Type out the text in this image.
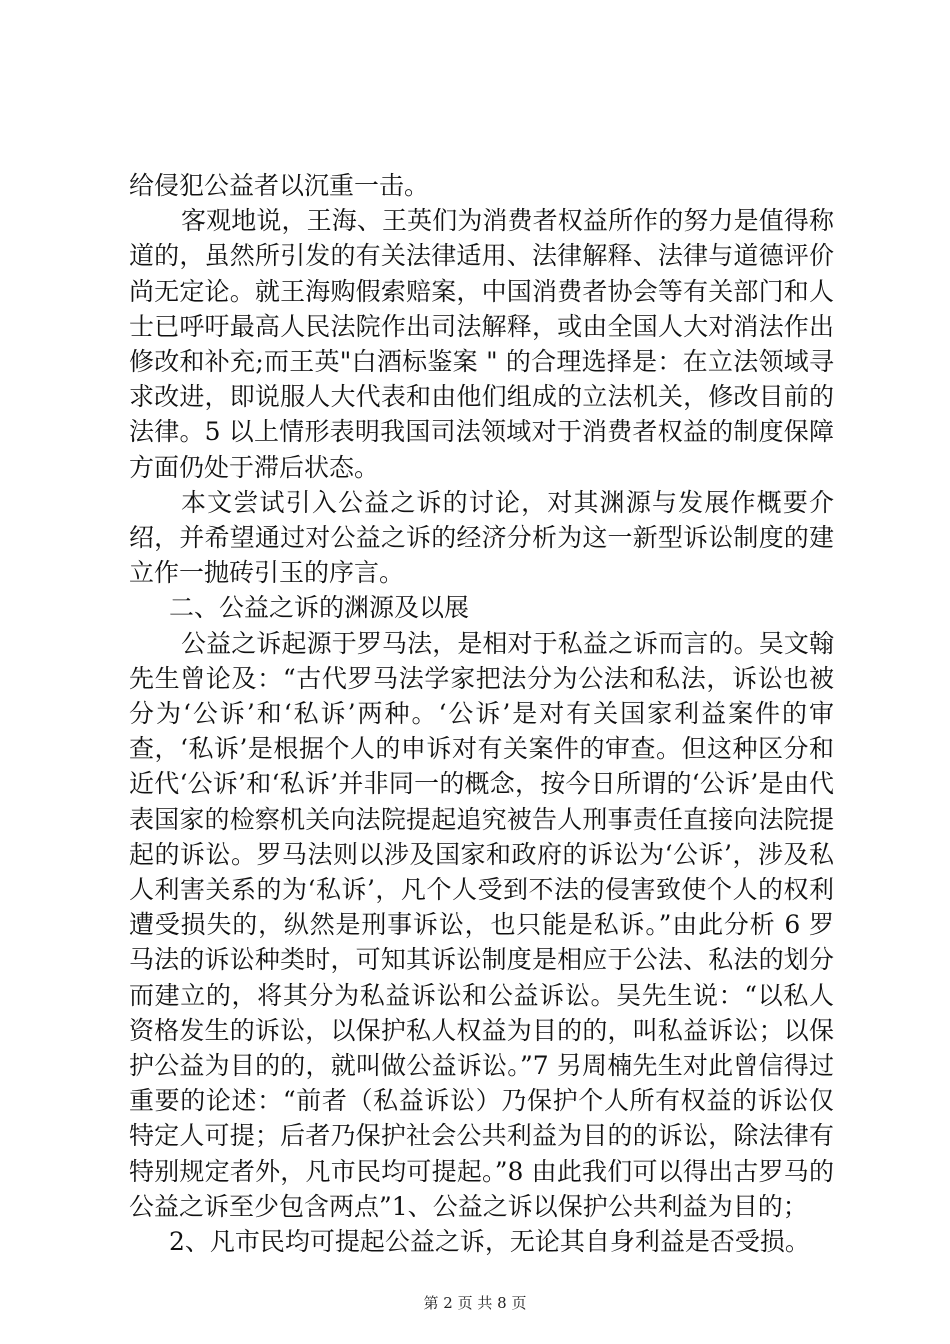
给侵犯公益者以沉重一击。

客观地说，王海、王英们为消费者权益所作的努力是值得称道的，虽然所引发的有关法律适用、法律解释、法律与道德评价尚无定论。就王海购假索赔案，中国消费者协会等有关部门和人士已呼吁最高人民法院作出司法解释，或由全国人大对消法作出修改和补充;而王英"白酒标鉴案 " 的合理选择是：在立法领域寻求改进，即说服人大代表和由他们组成的立法机关，修改目前的法律。5 以上情形表明我国司法领域对于消费者权益的制度保障方面仍处于滞后状态。

本文尝试引入公益之诉的讨论，对其渊源与发展作概要介绍，并希望通过对公益之诉的经济分析为这一新型诉讼制度的建立作一抛砖引玉的序言。

二、公益之诉的渊源及以展

公益之诉起源于罗马法，是相对于私益之诉而言的。吴文翰先生曾论及：“古代罗马法学家把法分为公法和私法，诉讼也被分为‘公诉’和‘私诉’两种。‘公诉’是对有关国家利益案件的审查，‘私诉’是根据个人的申诉对有关案件的审查。但这种区分和近代‘公诉’和‘私诉’并非同一的概念，按今日所谓的‘公诉’是由代表国家的检察机关向法院提起追究被告人刑事责任直接向法院提起的诉讼。罗马法则以涉及国家和政府的诉讼为‘公诉’，涉及私人利害关系的为‘私诉’，凡个人受到不法的侵害致使个人的权利遭受损失的，纵然是刑事诉讼，也只能是私诉。”由此分析 6 罗马法的诉讼种类时，可知其诉讼制度是相应于公法、私法的划分而建立的，将其分为私益诉讼和公益诉讼。吴先生说：“以私人资格发生的诉讼，以保护私人权益为目的的，叫私益诉讼；以保护公益为目的的，就叫做公益诉讼。”7 另周楠先生对此曾信得过重要的论述：“前者（私益诉讼）乃保护个人所有权益的诉讼仅特定人可提；后者乃保护社会公共利益为目的的诉讼，除法律有特别规定者外，凡市民均可提起。”8 由此我们可以得出古罗马的公益之诉至少包含两点”1、公益之诉以保护公共利益为目的；

2、凡市民均可提起公益之诉，无论其自身利益是否受损。

第 2 页 共 8 页
